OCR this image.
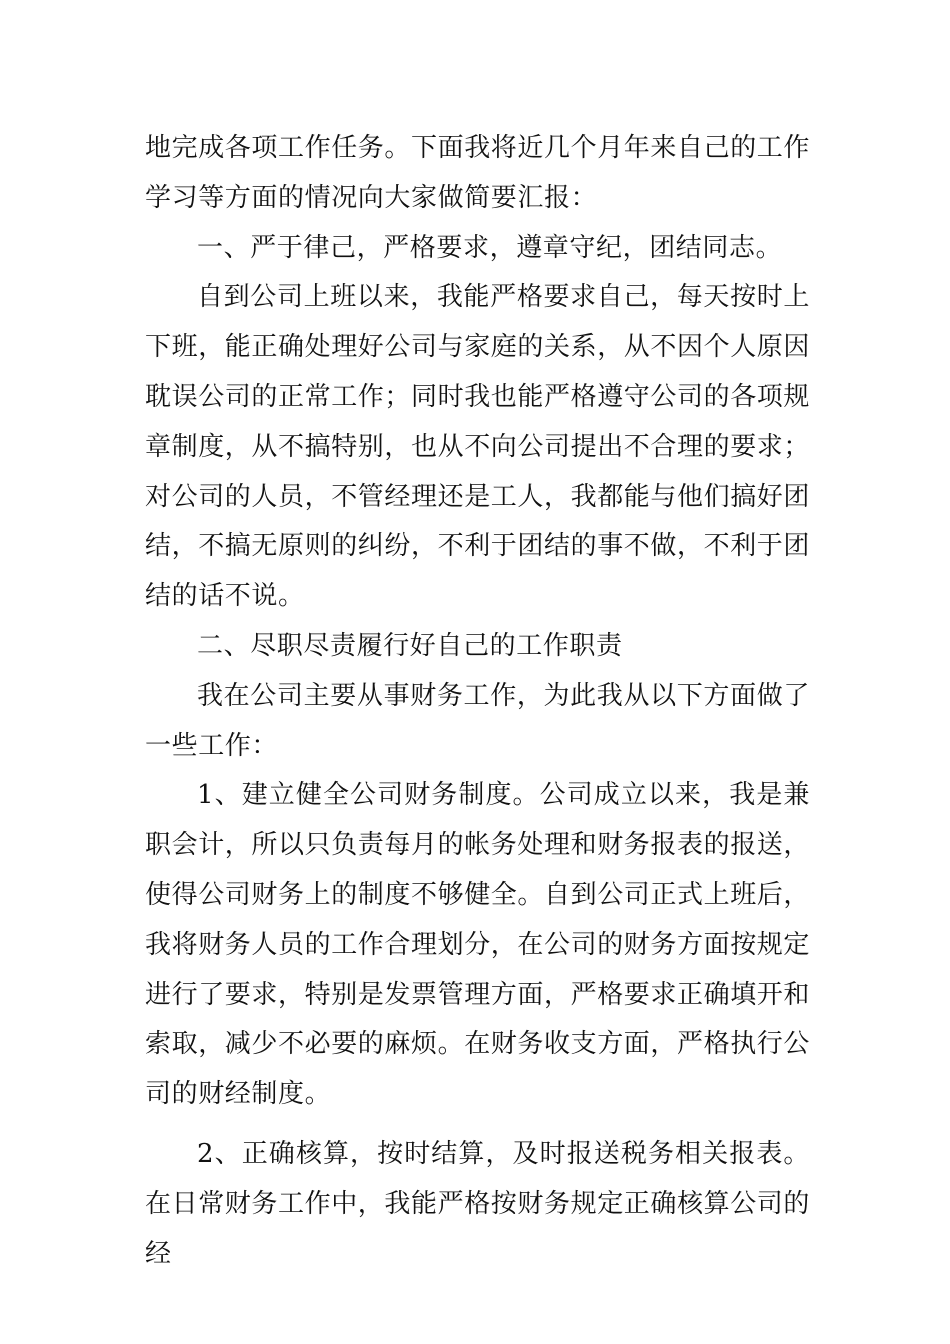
地完成各项工作任务。下面我将近几个月年来自己的工作学习等方面的情况向大家做简要汇报：

一、严于律己，严格要求，遵章守纪，团结同志。

自到公司上班以来，我能严格要求自己，每天按时上下班，能正确处理好公司与家庭的关系，从不因个人原因耽误公司的正常工作；同时我也能严格遵守公司的各项规章制度，从不搞特别，也从不向公司提出不合理的要求；对公司的人员，不管经理还是工人，我都能与他们搞好团结，不搞无原则的纠纷，不利于团结的事不做，不利于团结的话不说。

二、尽职尽责履行好自己的工作职责

我在公司主要从事财务工作，为此我从以下方面做了一些工作：

1、建立健全公司财务制度。公司成立以来，我是兼职会计，所以只负责每月的帐务处理和财务报表的报送，使得公司财务上的制度不够健全。自到公司正式上班后，我将财务人员的工作合理划分，在公司的财务方面按规定进行了要求，特别是发票管理方面，严格要求正确填开和索取，减少不必要的麻烦。在财务收支方面，严格执行公司的财经制度。

2、正确核算，按时结算，及时报送税务相关报表。在日常财务工作中，我能严格按财务规定正确核算公司的经
